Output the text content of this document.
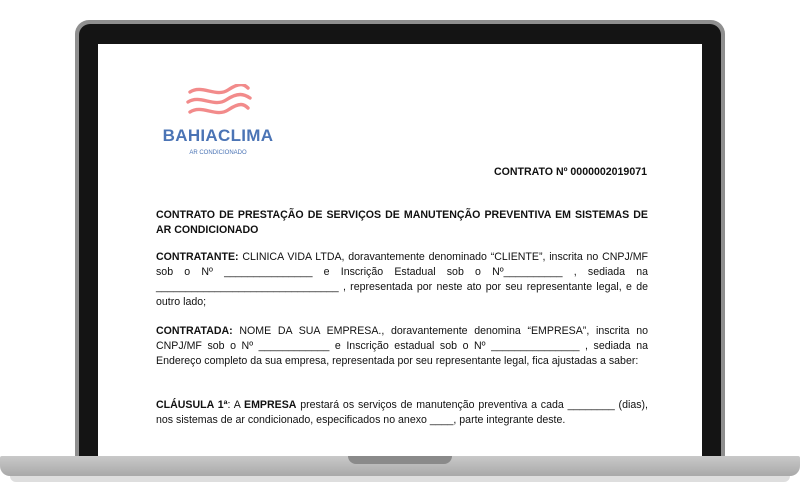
BAHIACLIMA
AR CONDICIONADO
CONTRATO Nº 0000002019071

CONTRATO DE PRESTAÇÃO DE SERVIÇOS DE MANUTENÇÃO PREVENTIVA EM SISTEMAS DE AR CONDICIONADO

CONTRATANTE: CLINICA VIDA LTDA, doravantemente denominado “CLIENTE”, inscrita no CNPJ/MF sob o Nº _______________ e Inscrição Estadual sob o Nº__________ , sediada na _______________________________ , representada por neste ato por seu representante legal, e de outro lado;

CONTRATADA: NOME DA SUA EMPRESA., doravantemente denomina “EMPRESA”, inscrita no CNPJ/MF sob o Nº ____________ e Inscrição estadual sob o Nº _______________ , sediada na Endereço completo da sua empresa, representada por seu representante legal, fica ajustadas a saber:

CLÁUSULA 1ª: A EMPRESA prestará os serviços de manutenção preventiva a cada ________ (dias), nos sistemas de ar condicionado, especificados no anexo ____, parte integrante deste.
